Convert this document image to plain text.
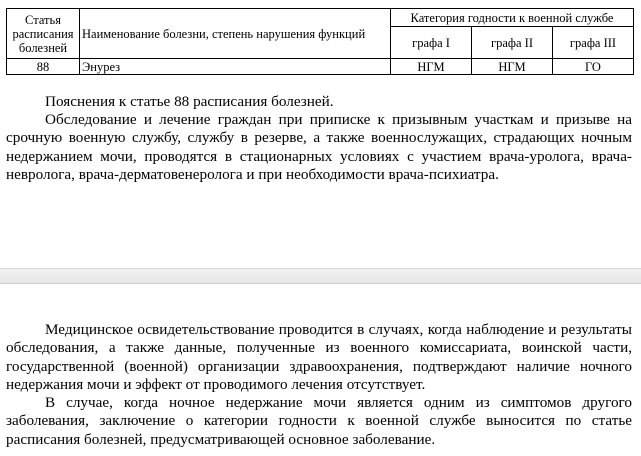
Статья расписания болезней	Наименование болезни, степень нарушения функций	Категория годности к военной службе		
		графа I	графа II	графа III
88	Энурез	НГМ	НГМ	ГО

Пояснения к статье 88 расписания болезней.

Обследование и лечение граждан при приписке к призывным участкам и призыве на срочную военную службу, службу в резерве, а также военнослужащих, страдающих ночным недержанием мочи, проводятся в стационарных условиях с участием врача-уролога, врача-невролога, врача-дерматовенеролога и при необходимости врача-психиатра.

Медицинское освидетельствование проводится в случаях, когда наблюдение и результаты обследования, а также данные, полученные из военного комиссариата, воинской части, государственной (военной) организации здравоохранения, подтверждают наличие ночного недержания мочи и эффект от проводимого лечения отсутствует.

В случае, когда ночное недержание мочи является одним из симптомов другого заболевания, заключение о категории годности к военной службе выносится по статье расписания болезней, предусматривающей основное заболевание.
